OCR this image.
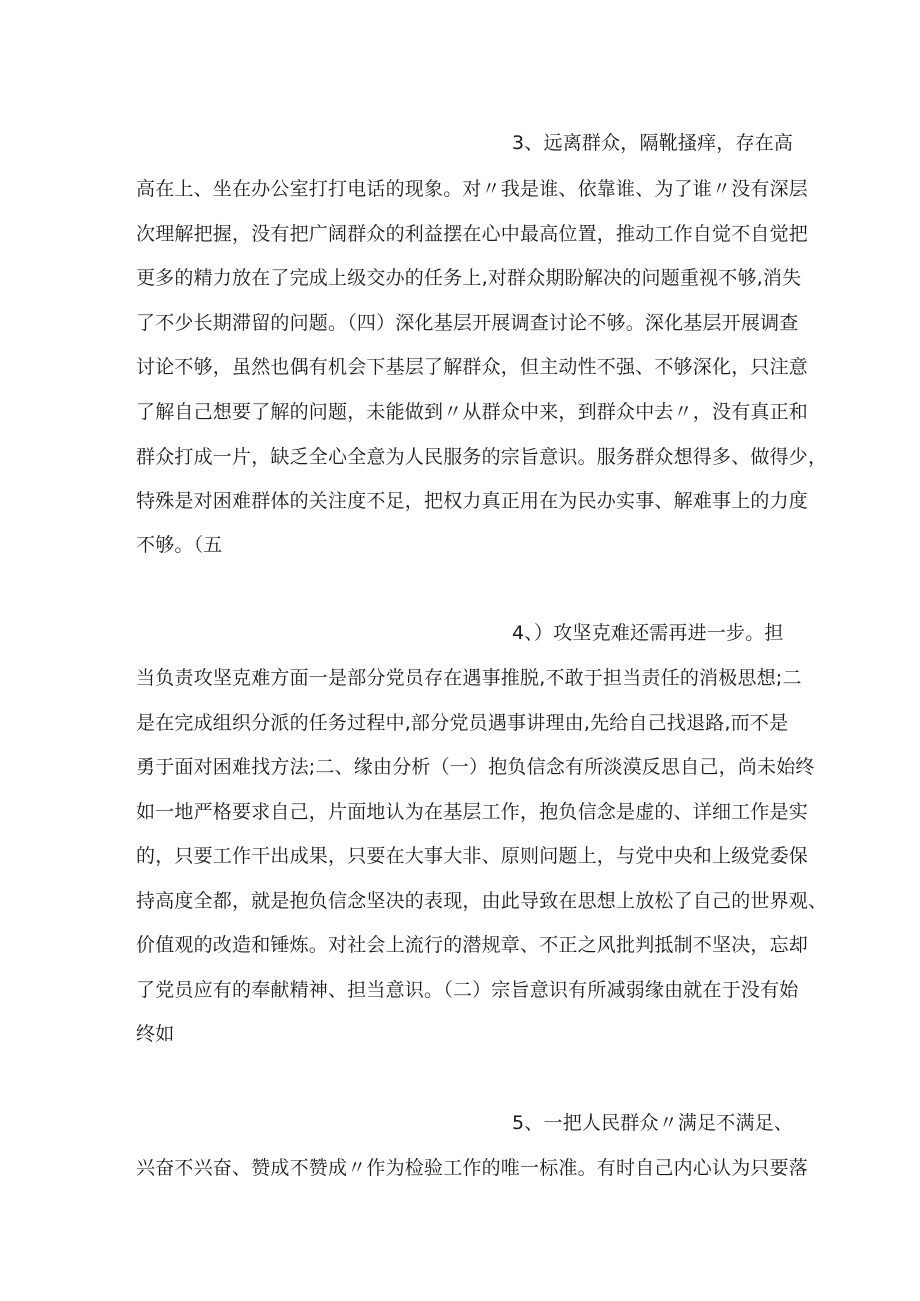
3、远离群众，隔靴搔痒，存在高
高在上、坐在办公室打打电话的现象。对〃我是谁、依靠谁、为了谁〃没有深层
次理解把握，没有把广阔群众的利益摆在心中最高位置，推动工作自觉不自觉把
更多的精力放在了完成上级交办的任务上,对群众期盼解决的问题重视不够,消失
了不少长期滞留的问题。（四）深化基层开展调查讨论不够。深化基层开展调查
讨论不够，虽然也偶有机会下基层了解群众，但主动性不强、不够深化，只注意
了解自己想要了解的问题，未能做到〃从群众中来，到群众中去〃，没有真正和
群众打成一片，缺乏全心全意为人民服务的宗旨意识。服务群众想得多、做得少，
特殊是对困难群体的关注度不足，把权力真正用在为民办实事、解难事上的力度
不够。（五
4、）攻坚克难还需再进一步。担
当负责攻坚克难方面一是部分党员存在遇事推脱,不敢于担当责任的消极思想;二
是在完成组织分派的任务过程中,部分党员遇事讲理由,先给自己找退路,而不是
勇于面对困难找方法;二、缘由分析（一）抱负信念有所淡漠反思自己，尚未始终
如一地严格要求自己，片面地认为在基层工作，抱负信念是虚的、详细工作是实
的，只要工作干出成果，只要在大事大非、原则问题上，与党中央和上级党委保
持高度全都，就是抱负信念坚决的表现，由此导致在思想上放松了自己的世界观、
价值观的改造和锤炼。对社会上流行的潜规章、不正之风批判抵制不坚决，忘却
了党员应有的奉献精神、担当意识。（二）宗旨意识有所减弱缘由就在于没有始
终如
5、一把人民群众〃满足不满足、
兴奋不兴奋、赞成不赞成〃作为检验工作的唯一标准。有时自己内心认为只要落
